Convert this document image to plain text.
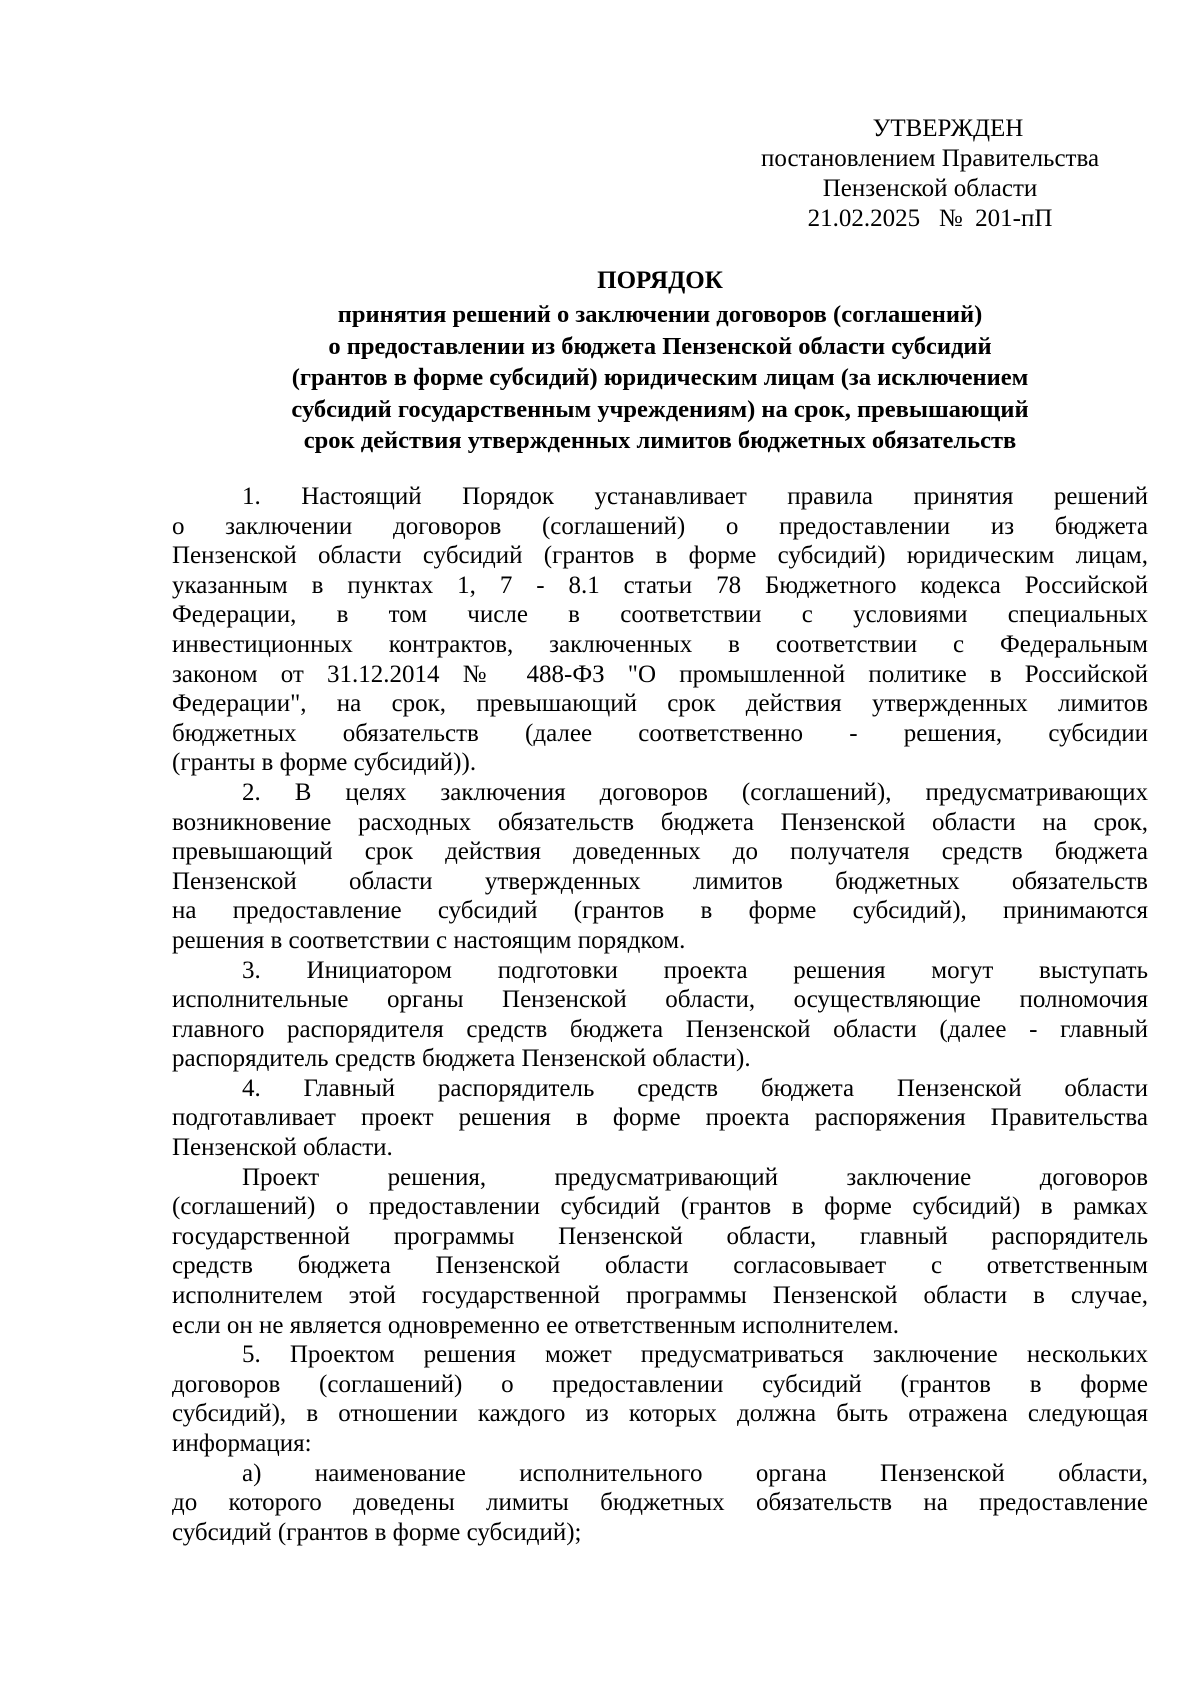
УТВЕРЖДЕН
постановлением Правительства
Пензенской области
21.02.2025   №  201-пП
ПОРЯДОК
принятия решений о заключении договоров (соглашений)
о предоставлении из бюджета Пензенской области субсидий
(грантов в форме субсидий) юридическим лицам (за исключением
субсидий государственным учреждениям) на срок, превышающий
срок действия утвержденных лимитов бюджетных обязательств
1. Настоящий Порядок устанавливает правила принятия решений
о заключении договоров (соглашений) о предоставлении из бюджета
Пензенской области субсидий (грантов в форме субсидий) юридическим лицам,
указанным в пунктах 1, 7 - 8.1 статьи 78 Бюджетного кодекса Российской
Федерации, в том числе в соответствии с условиями специальных
инвестиционных контрактов, заключенных в соответствии с Федеральным
законом от 31.12.2014 № 488-ФЗ "О промышленной политике в Российской
Федерации", на срок, превышающий срок действия утвержденных лимитов
бюджетных обязательств (далее соответственно - решения, субсидии
(гранты в форме субсидий)).
2. В целях заключения договоров (соглашений), предусматривающих
возникновение расходных обязательств бюджета Пензенской области на срок,
превышающий срок действия доведенных до получателя средств бюджета
Пензенской области утвержденных лимитов бюджетных обязательств
на предоставление субсидий (грантов в форме субсидий), принимаются
решения в соответствии с настоящим порядком.
3. Инициатором подготовки проекта решения могут выступать
исполнительные органы Пензенской области, осуществляющие полномочия
главного распорядителя средств бюджета Пензенской области (далее - главный
распорядитель средств бюджета Пензенской области).
4. Главный распорядитель средств бюджета Пензенской области
подготавливает проект решения в форме проекта распоряжения Правительства
Пензенской области.
Проект решения, предусматривающий заключение договоров
(соглашений) о предоставлении субсидий (грантов в форме субсидий) в рамках
государственной программы Пензенской области, главный распорядитель
средств бюджета Пензенской области согласовывает с ответственным
исполнителем этой государственной программы Пензенской области в случае,
если он не является одновременно ее ответственным исполнителем.
5. Проектом решения может предусматриваться заключение нескольких
договоров (соглашений) о предоставлении субсидий (грантов в форме
субсидий), в отношении каждого из которых должна быть отражена следующая
информация:
а) наименование исполнительного органа Пензенской области,
до которого доведены лимиты бюджетных обязательств на предоставление
субсидий (грантов в форме субсидий);
